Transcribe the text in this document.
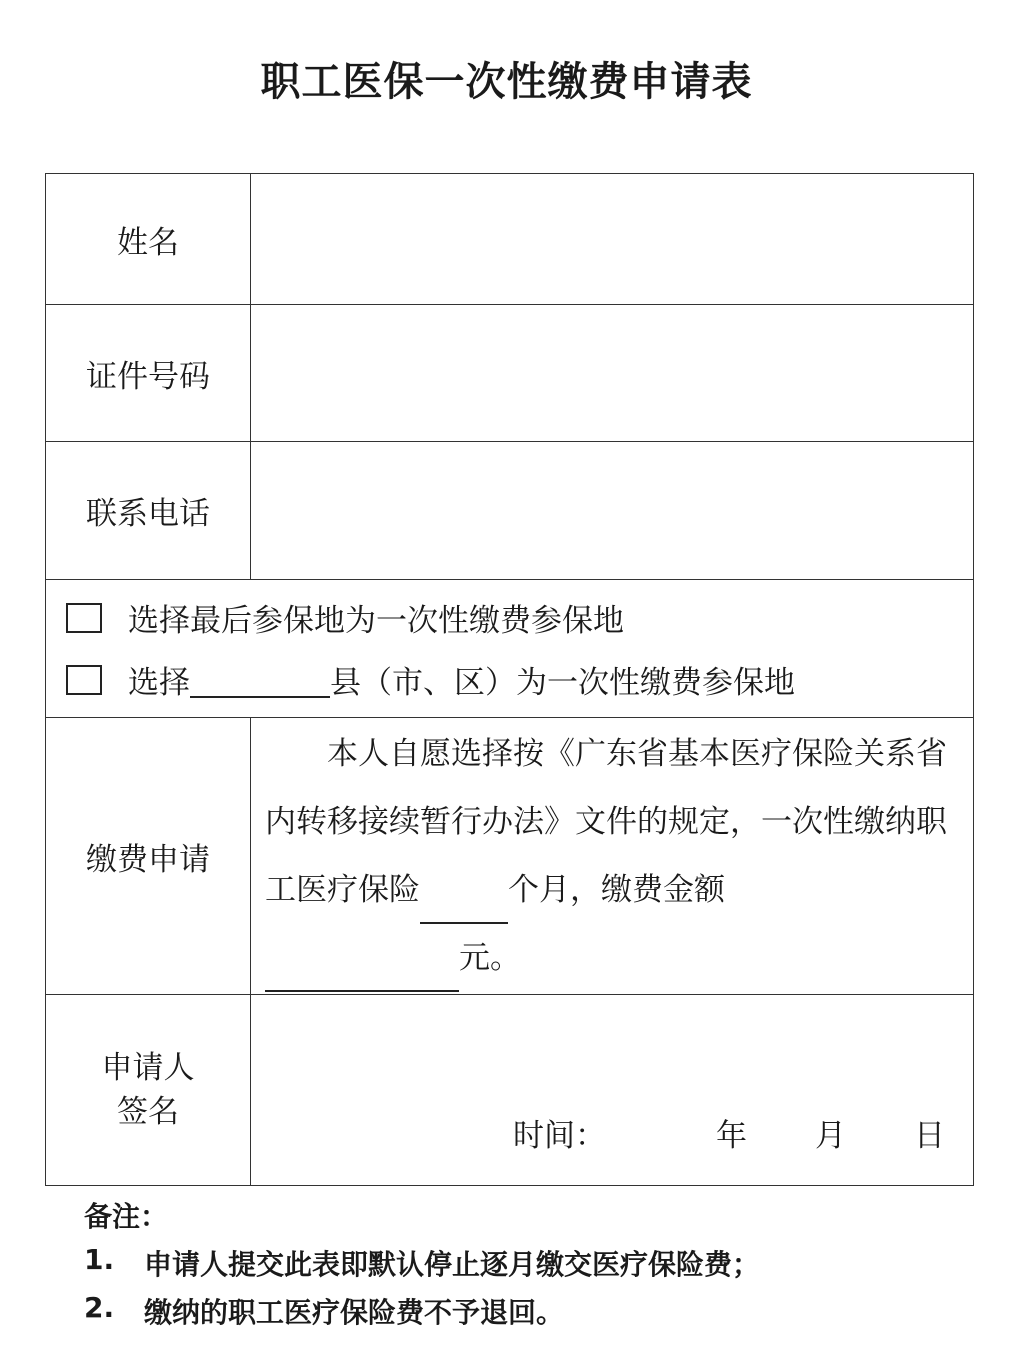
职工医保一次性缴费申请表
姓名	
证件号码	
联系电话	

选择最后参保地为一次性缴费参保地
选择 县（市、区）为一次性缴费参保地	

缴费申请	本人自愿选择按《广东省基本医疗保险关系省内转移接续暂行办法》文件的规定，一次性缴纳职工医疗保险 个月，缴费金额
元。

申请人
签名	时间： 年 月 日
备注：
1.	申请人提交此表即默认停止逐月缴交医疗保险费；
2.	缴纳的职工医疗保险费不予退回。
